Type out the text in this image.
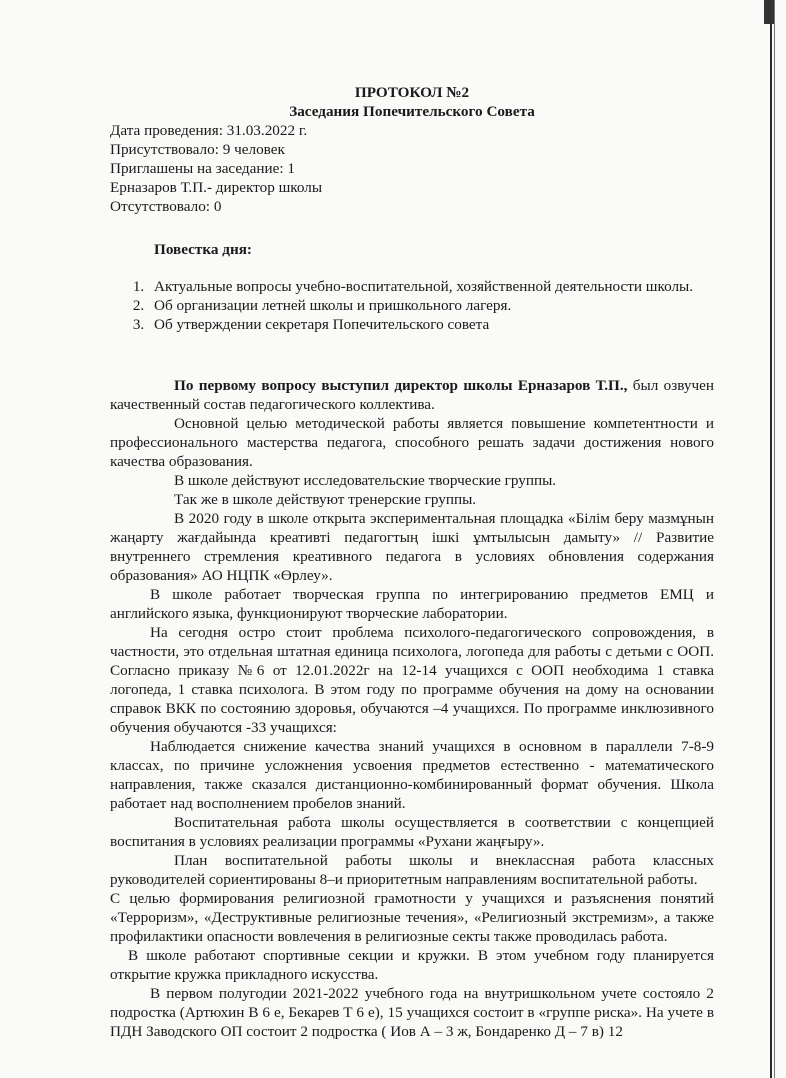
ПРОТОКОЛ №2
Заседания Попечительского Совета
Дата проведения: 31.03.2022 г.
Присутствовало: 9 человек
Приглашены на заседание: 1
Ерназаров Т.П.- директор школы
Отсутствовало: 0
Повестка дня:
1. Актуальные вопросы учебно-воспитательной, хозяйственной деятельности школы.
2. Об организации летней школы и пришкольного лагеря.
3. Об утверждении секретаря Попечительского совета

По первому вопросу выступил директор школы Ерназаров Т.П., был озвучен качественный состав педагогического коллектива.

Основной целью методической работы является повышение компетентности и профессионального мастерства педагога, способного решать задачи достижения нового качества образования.

В школе действуют исследовательские творческие группы.

Так же в школе действуют тренерские группы.

В 2020 году в школе открыта экспериментальная площадка «Білім беру мазмұнын жаңарту жағдайында креативті педагогтың ішкі ұмтылысын дамыту» // Развитие внутреннего стремления креативного педагога в условиях обновления содержания образования» АО НЦПК «Өрлеу».

В школе работает творческая группа по интегрированию предметов ЕМЦ и английского языка, функционируют творческие лаборатории.

На сегодня остро стоит проблема психолого-педагогического сопровождения, в частности, это отдельная штатная единица психолога, логопеда для работы с детьми с ООП. Согласно приказу №6 от 12.01.2022г на 12-14 учащихся с ООП необходима 1 ставка логопеда, 1 ставка психолога. В этом году по программе обучения на дому на основании справок ВКК по состоянию здоровья, обучаются –4 учащихся. По программе инклюзивного обучения обучаются -33 учащихся:

Наблюдается снижение качества знаний учащихся в основном в параллели 7-8-9 классах, по причине усложнения усвоения предметов естественно - математического направления, также сказался дистанционно-комбинированный формат обучения. Школа работает над восполнением пробелов знаний.

Воспитательная работа школы осуществляется в соответствии с концепцией воспитания в условиях реализации программы «Рухани жаңғыру».

План воспитательной работы школы и внеклассная работа классных руководителей сориентированы 8–и приоритетным направлениям воспитательной работы.

С целью формирования религиозной грамотности у учащихся и разъяснения понятий «Терроризм», «Деструктивные религиозные течения», «Религиозный экстремизм», а также профилактики опасности вовлечения в религиозные секты также проводилась работа.

В школе работают спортивные секции и кружки. В этом учебном году планируется открытие кружка прикладного искусства.

В первом полугодии 2021-2022 учебного года на внутришкольном учете состояло 2 подростка (Артюхин В 6 е, Бекарев Т 6 е), 15 учащихся состоит в «группе риска». На учете в ПДН Заводского ОП состоит 2 подростка ( Иов А – 3 ж, Бондаренко Д – 7 в) 12
